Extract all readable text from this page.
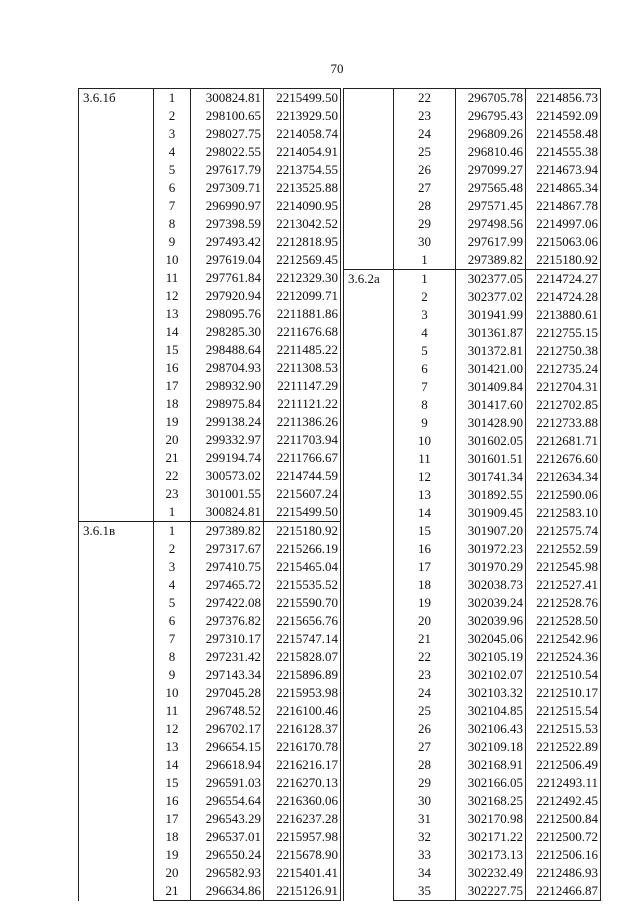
70
3.6.1б	1	300824.81	2215499.50
	2	298100.65	2213929.50
	3	298027.75	2214058.74
	4	298022.55	2214054.91
	5	297617.79	2213754.55
	6	297309.71	2213525.88
	7	296990.97	2214090.95
	8	297398.59	2213042.52
	9	297493.42	2212818.95
	10	297619.04	2212569.45
	11	297761.84	2212329.30
	12	297920.94	2212099.71
	13	298095.76	2211881.86
	14	298285.30	2211676.68
	15	298488.64	2211485.22
	16	298704.93	2211308.53
	17	298932.90	2211147.29
	18	298975.84	2211121.22
	19	299138.24	2211386.26
	20	299332.97	2211703.94
	21	299194.74	2211766.67
	22	300573.02	2214744.59
	23	301001.55	2215607.24
	1	300824.81	2215499.50
3.6.1в	1	297389.82	2215180.92
	2	297317.67	2215266.19
	3	297410.75	2215465.04
	4	297465.72	2215535.52
	5	297422.08	2215590.70
	6	297376.82	2215656.76
	7	297310.17	2215747.14
	8	297231.42	2215828.07
	9	297143.34	2215896.89
	10	297045.28	2215953.98
	11	296748.52	2216100.46
	12	296702.17	2216128.37
	13	296654.15	2216170.78
	14	296618.94	2216216.17
	15	296591.03	2216270.13
	16	296554.64	2216360.06
	17	296543.29	2216237.28
	18	296537.01	2215957.98
	19	296550.24	2215678.90
	20	296582.93	2215401.41
	21	296634.86	2215126.91
	22	296705.78	2214856.73
	23	296795.43	2214592.09
	24	296809.26	2214558.48
	25	296810.46	2214555.38
	26	297099.27	2214673.94
	27	297565.48	2214865.34
	28	297571.45	2214867.78
	29	297498.56	2214997.06
	30	297617.99	2215063.06
	1	297389.82	2215180.92
3.6.2а	1	302377.05	2214724.27
	2	302377.02	2214724.28
	3	301941.99	2213880.61
	4	301361.87	2212755.15
	5	301372.81	2212750.38
	6	301421.00	2212735.24
	7	301409.84	2212704.31
	8	301417.60	2212702.85
	9	301428.90	2212733.88
	10	301602.05	2212681.71
	11	301601.51	2212676.60
	12	301741.34	2212634.34
	13	301892.55	2212590.06
	14	301909.45	2212583.10
	15	301907.20	2212575.74
	16	301972.23	2212552.59
	17	301970.29	2212545.98
	18	302038.73	2212527.41
	19	302039.24	2212528.76
	20	302039.96	2212528.50
	21	302045.06	2212542.96
	22	302105.19	2212524.36
	23	302102.07	2212510.54
	24	302103.32	2212510.17
	25	302104.85	2212515.54
	26	302106.43	2212515.53
	27	302109.18	2212522.89
	28	302168.91	2212506.49
	29	302166.05	2212493.11
	30	302168.25	2212492.45
	31	302170.98	2212500.84
	32	302171.22	2212500.72
	33	302173.13	2212506.16
	34	302232.49	2212486.93
	35	302227.75	2212466.87
